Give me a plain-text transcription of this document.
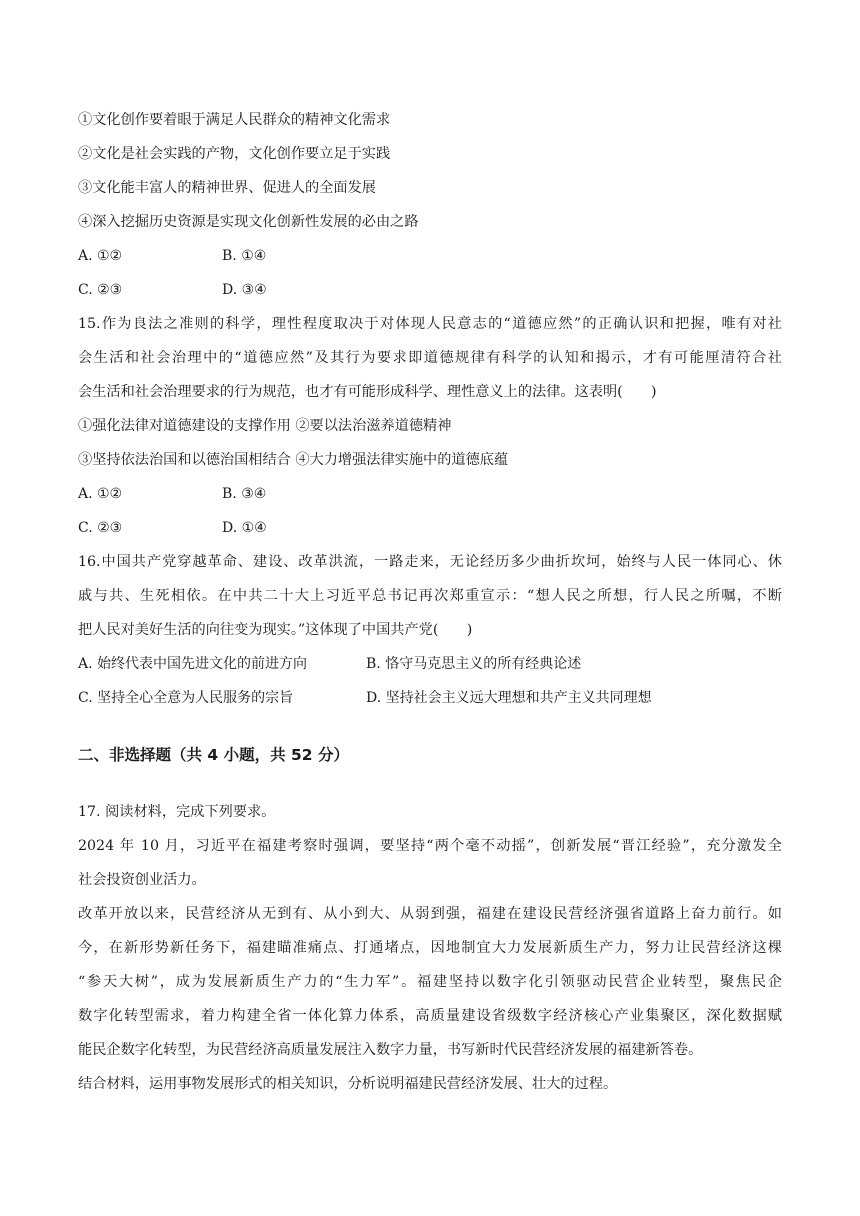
①文化创作要着眼于满足人民群众的精神文化需求
②文化是社会实践的产物，文化创作要立足于实践
③文化能丰富人的精神世界、促进人的全面发展
④深入挖掘历史资源是实现文化创新性发展的必由之路
A. ①②	B. ①④
C. ②③	D. ③④
15.作为良法之准则的科学，理性程度取决于对体现人民意志的“道德应然”的正确认识和把握，唯有对社
会生活和社会治理中的“道德应然”及其行为要求即道德规律有科学的认知和揭示，才有可能厘清符合社
会生活和社会治理要求的行为规范，也才有可能形成科学、理性意义上的法律。这表明(　　)
①强化法律对道德建设的支撑作用 ②要以法治滋养道德精神
③坚持依法治国和以德治国相结合 ④大力增强法律实施中的道德底蕴
A. ①②	B. ③④
C. ②③	D. ①④
16.中国共产党穿越革命、建设、改革洪流，一路走来，无论经历多少曲折坎坷，始终与人民一体同心、休
戚与共、生死相依。在中共二十大上习近平总书记再次郑重宣示：“想人民之所想，行人民之所嘱，不断
把人民对美好生活的向往变为现实。”这体现了中国共产党(　　)
A. 始终代表中国先进文化的前进方向	B. 恪守马克思主义的所有经典论述
C. 坚持全心全意为人民服务的宗旨	D. 坚持社会主义远大理想和共产主义共同理想
二、非选择题（共 4 小题，共 52 分）
17. 阅读材料，完成下列要求。
2024 年 10 月，习近平在福建考察时强调，要坚持“两个毫不动摇”，创新发展“晋江经验”，充分激发全
社会投资创业活力。
改革开放以来，民营经济从无到有、从小到大、从弱到强，福建在建设民营经济强省道路上奋力前行。如
今，在新形势新任务下，福建瞄准痛点、打通堵点，因地制宜大力发展新质生产力，努力让民营经济这棵
“参天大树”，成为发展新质生产力的“生力军”。福建坚持以数字化引领驱动民营企业转型，聚焦民企
数字化转型需求，着力构建全省一体化算力体系，高质量建设省级数字经济核心产业集聚区，深化数据赋
能民企数字化转型，为民营经济高质量发展注入数字力量，书写新时代民营经济发展的福建新答卷。
结合材料，运用事物发展形式的相关知识，分析说明福建民营经济发展、壮大的过程。
